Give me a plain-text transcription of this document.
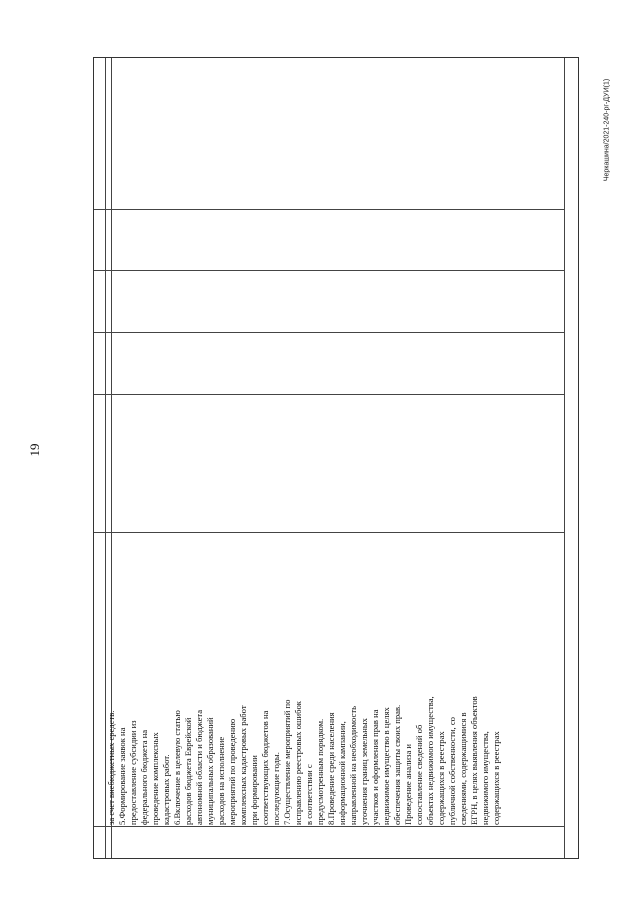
19
Черкашина/2021-240-рг-ДУИ(1)

за счет внебюджетных средств. 5.Формирование заявок на предоставление субсидии из федерального бюджета на проведение комплексных кадастровых работ. 6.Включение в целевую статью расходов бюджета Еврейской автономной области и бюджета муниципальных образований расходов на исполнение мероприятий по проведению комплексных кадастровых работ при формировании соответствующих бюджетов на последующие годы. 7.Осуществление мероприятий по исправлению реестровых ошибок в соответствии с предусмотренным порядком. 8.Проведение среди населения информационной кампании, направленной на необходимость уточнения границ земельных участков и оформления прав на недвижимое имущество в целях обеспечения защиты своих прав. Проведение анализа и сопоставление сведений об объектах недвижимого имущества, содержащихся в реестрах публичной собственности, со сведениями, содержащимися в ЕГРН, в целях выявления объектов недвижимого имущества, содержащихся в реестрах
